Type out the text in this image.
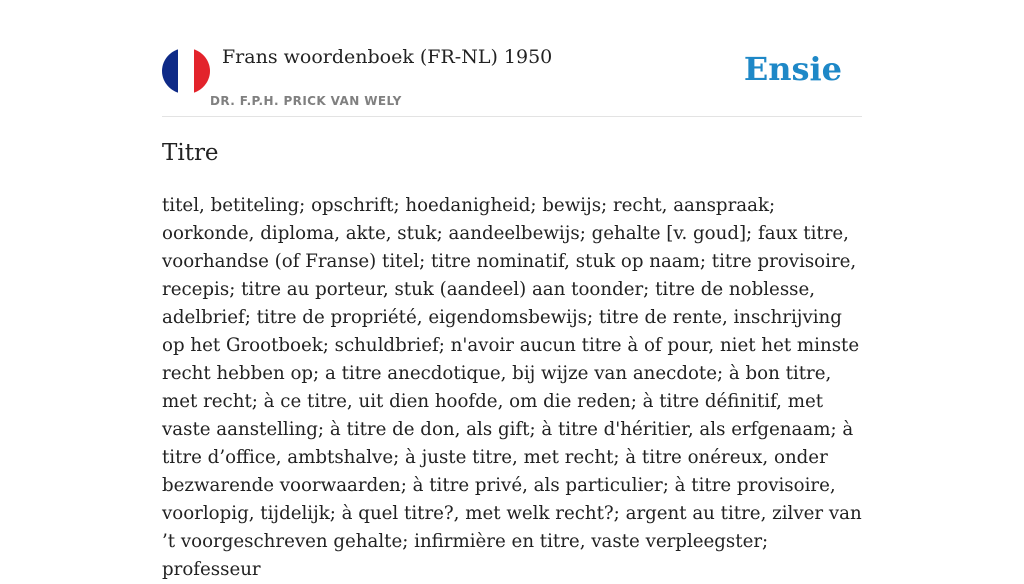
Frans woordenboek (FR-NL) 1950
DR. F.P.H. PRICK VAN WELY
Ensie
Titre

titel, betiteling; opschrift; hoedanigheid; bewijs; recht, aanspraak; oorkonde, diploma, akte, stuk; aandeelbewijs; gehalte [v. goud]; faux titre, voorhandse (of Franse) titel; titre nominatif, stuk op naam; titre provisoire, recepis; titre au porteur, stuk (aandeel) aan toonder; titre de noblesse, adelbrief; titre de propriété, eigendomsbewijs; titre de rente, inschrijving op het Grootboek; schuldbrief; n'avoir aucun titre à of pour, niet het minste recht hebben op; a titre anecdotique, bij wijze van anecdote; à bon titre, met recht; à ce titre, uit dien hoofde, om die reden; à titre définitif, met vaste aanstelling; à titre de don, als gift; à titre d'héritier, als erfgenaam; à titre d’office, ambtshalve; à juste titre, met recht; à titre onéreux, onder bezwarende voorwaarden; à titre privé, als particulier; à titre provisoire, voorlopig, tijdelijk; à quel titre?, met welk recht?; argent au titre, zilver van ’t voorgeschreven gehalte; infirmière en titre, vaste verpleegster; professeur
